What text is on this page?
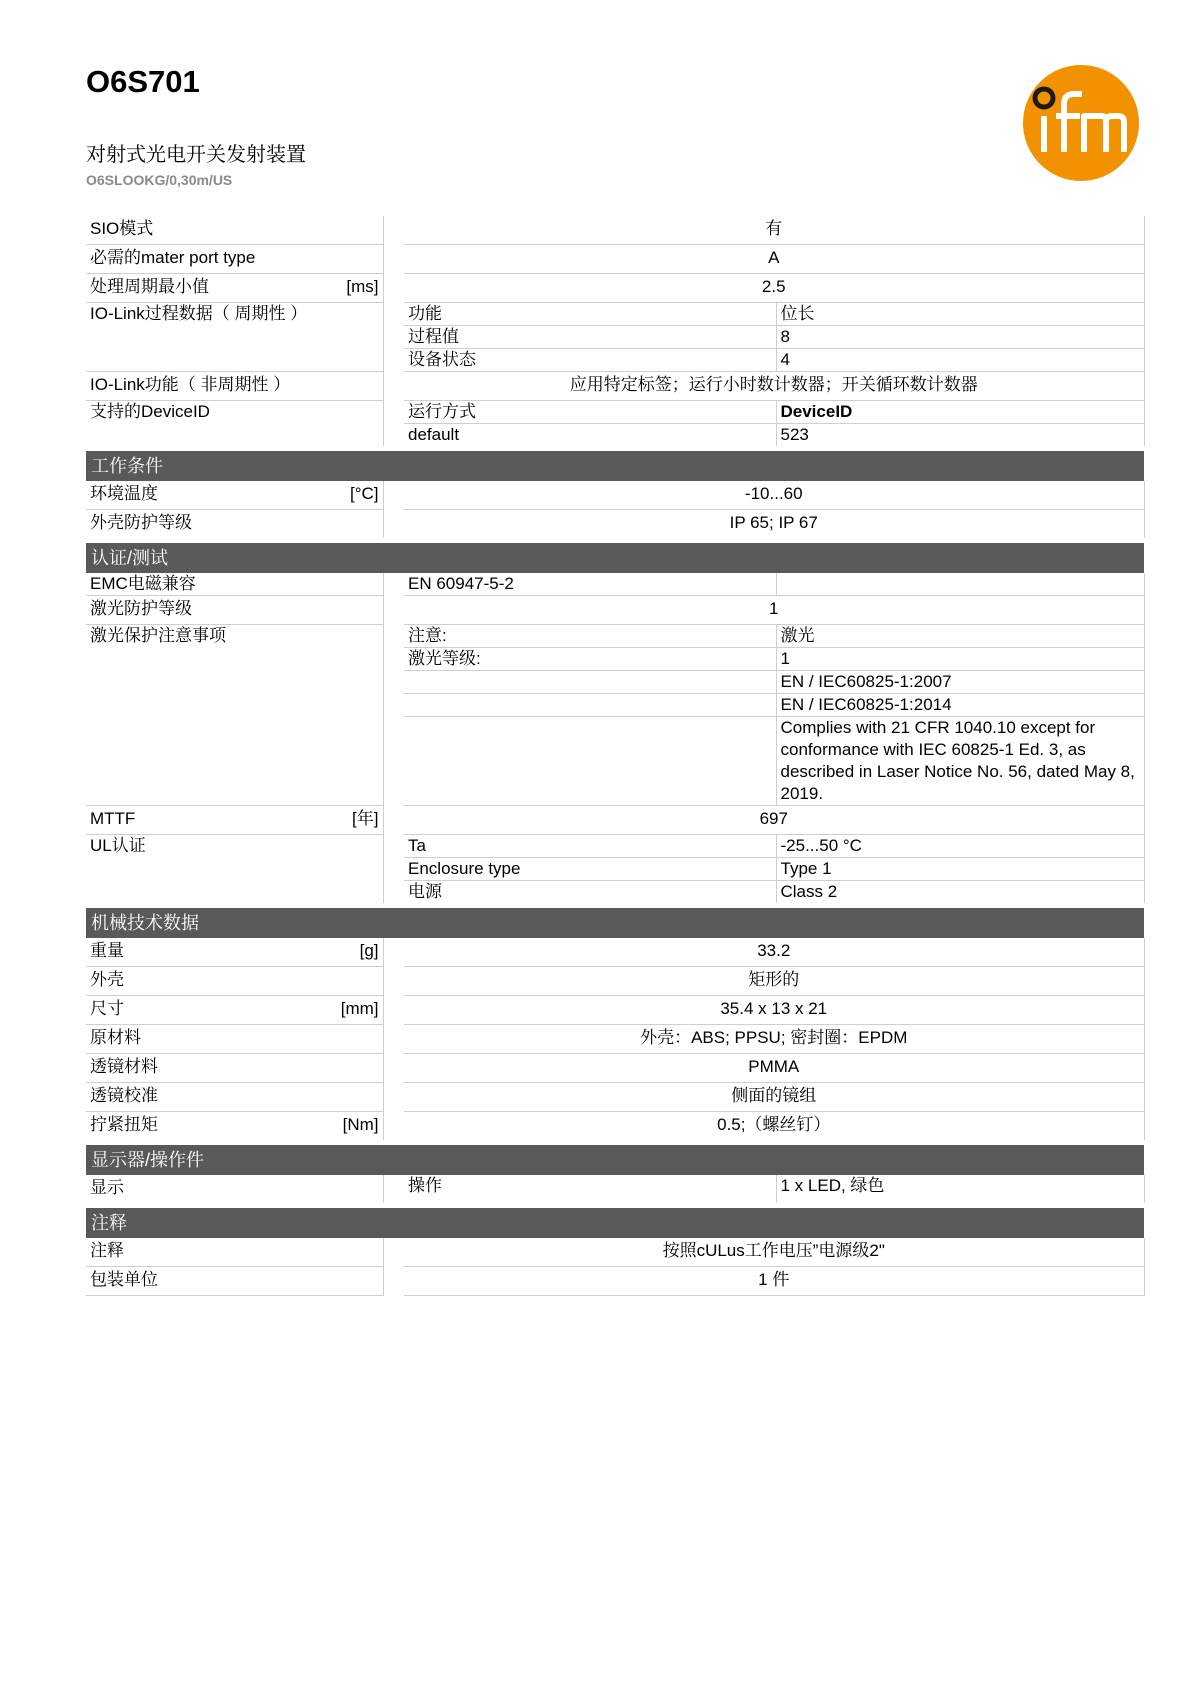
O6S701
对射式光电开关发射装置
O6SLOOKG/0,30m/US
SIO模式		有	
必需的mater port type		A	
处理周期最小值 [ms]		2.5	
IO-Link过程数据（ 周期性 ）		功能	位长
		过程值	8
		设备状态	4
IO-Link功能（ 非周期性 ）		应用特定标签；运行小时数计数器；开关循环数计数器	
支持的DeviceID		运行方式	DeviceID
		default	523
工作条件			
环境温度 [°C]		-10...60	
外壳防护等级		IP 65; IP 67	
认证/测试			
EMC电磁兼容		EN 60947-5-2	
激光防护等级		1	
激光保护注意事项		注意:	激光
		激光等级:	1
			EN / IEC60825-1:2007
			EN / IEC60825-1:2014
			Complies with 21 CFR 1040.10 except for conformance with IEC 60825-1 Ed. 3, as described in Laser Notice No. 56, dated May 8, 2019.
MTTF [年]		697	
UL认证		Ta	-25...50 °C
		Enclosure type	Type 1
		电源	Class 2
机械技术数据			
重量 [g]		33.2	
外壳		矩形的	
尺寸 [mm]		35.4 x 13 x 21	
原材料		外壳：ABS; PPSU; 密封圈：EPDM	
透镜材料		PMMA	
透镜校准		侧面的镜组	
拧紧扭矩 [Nm]		0.5;（螺丝钉）	
显示器/操作件			
显示		操作	1 x LED, 绿色
注释			
注释		按照cULus工作电压”电源级2"	
包装单位		1 件	
